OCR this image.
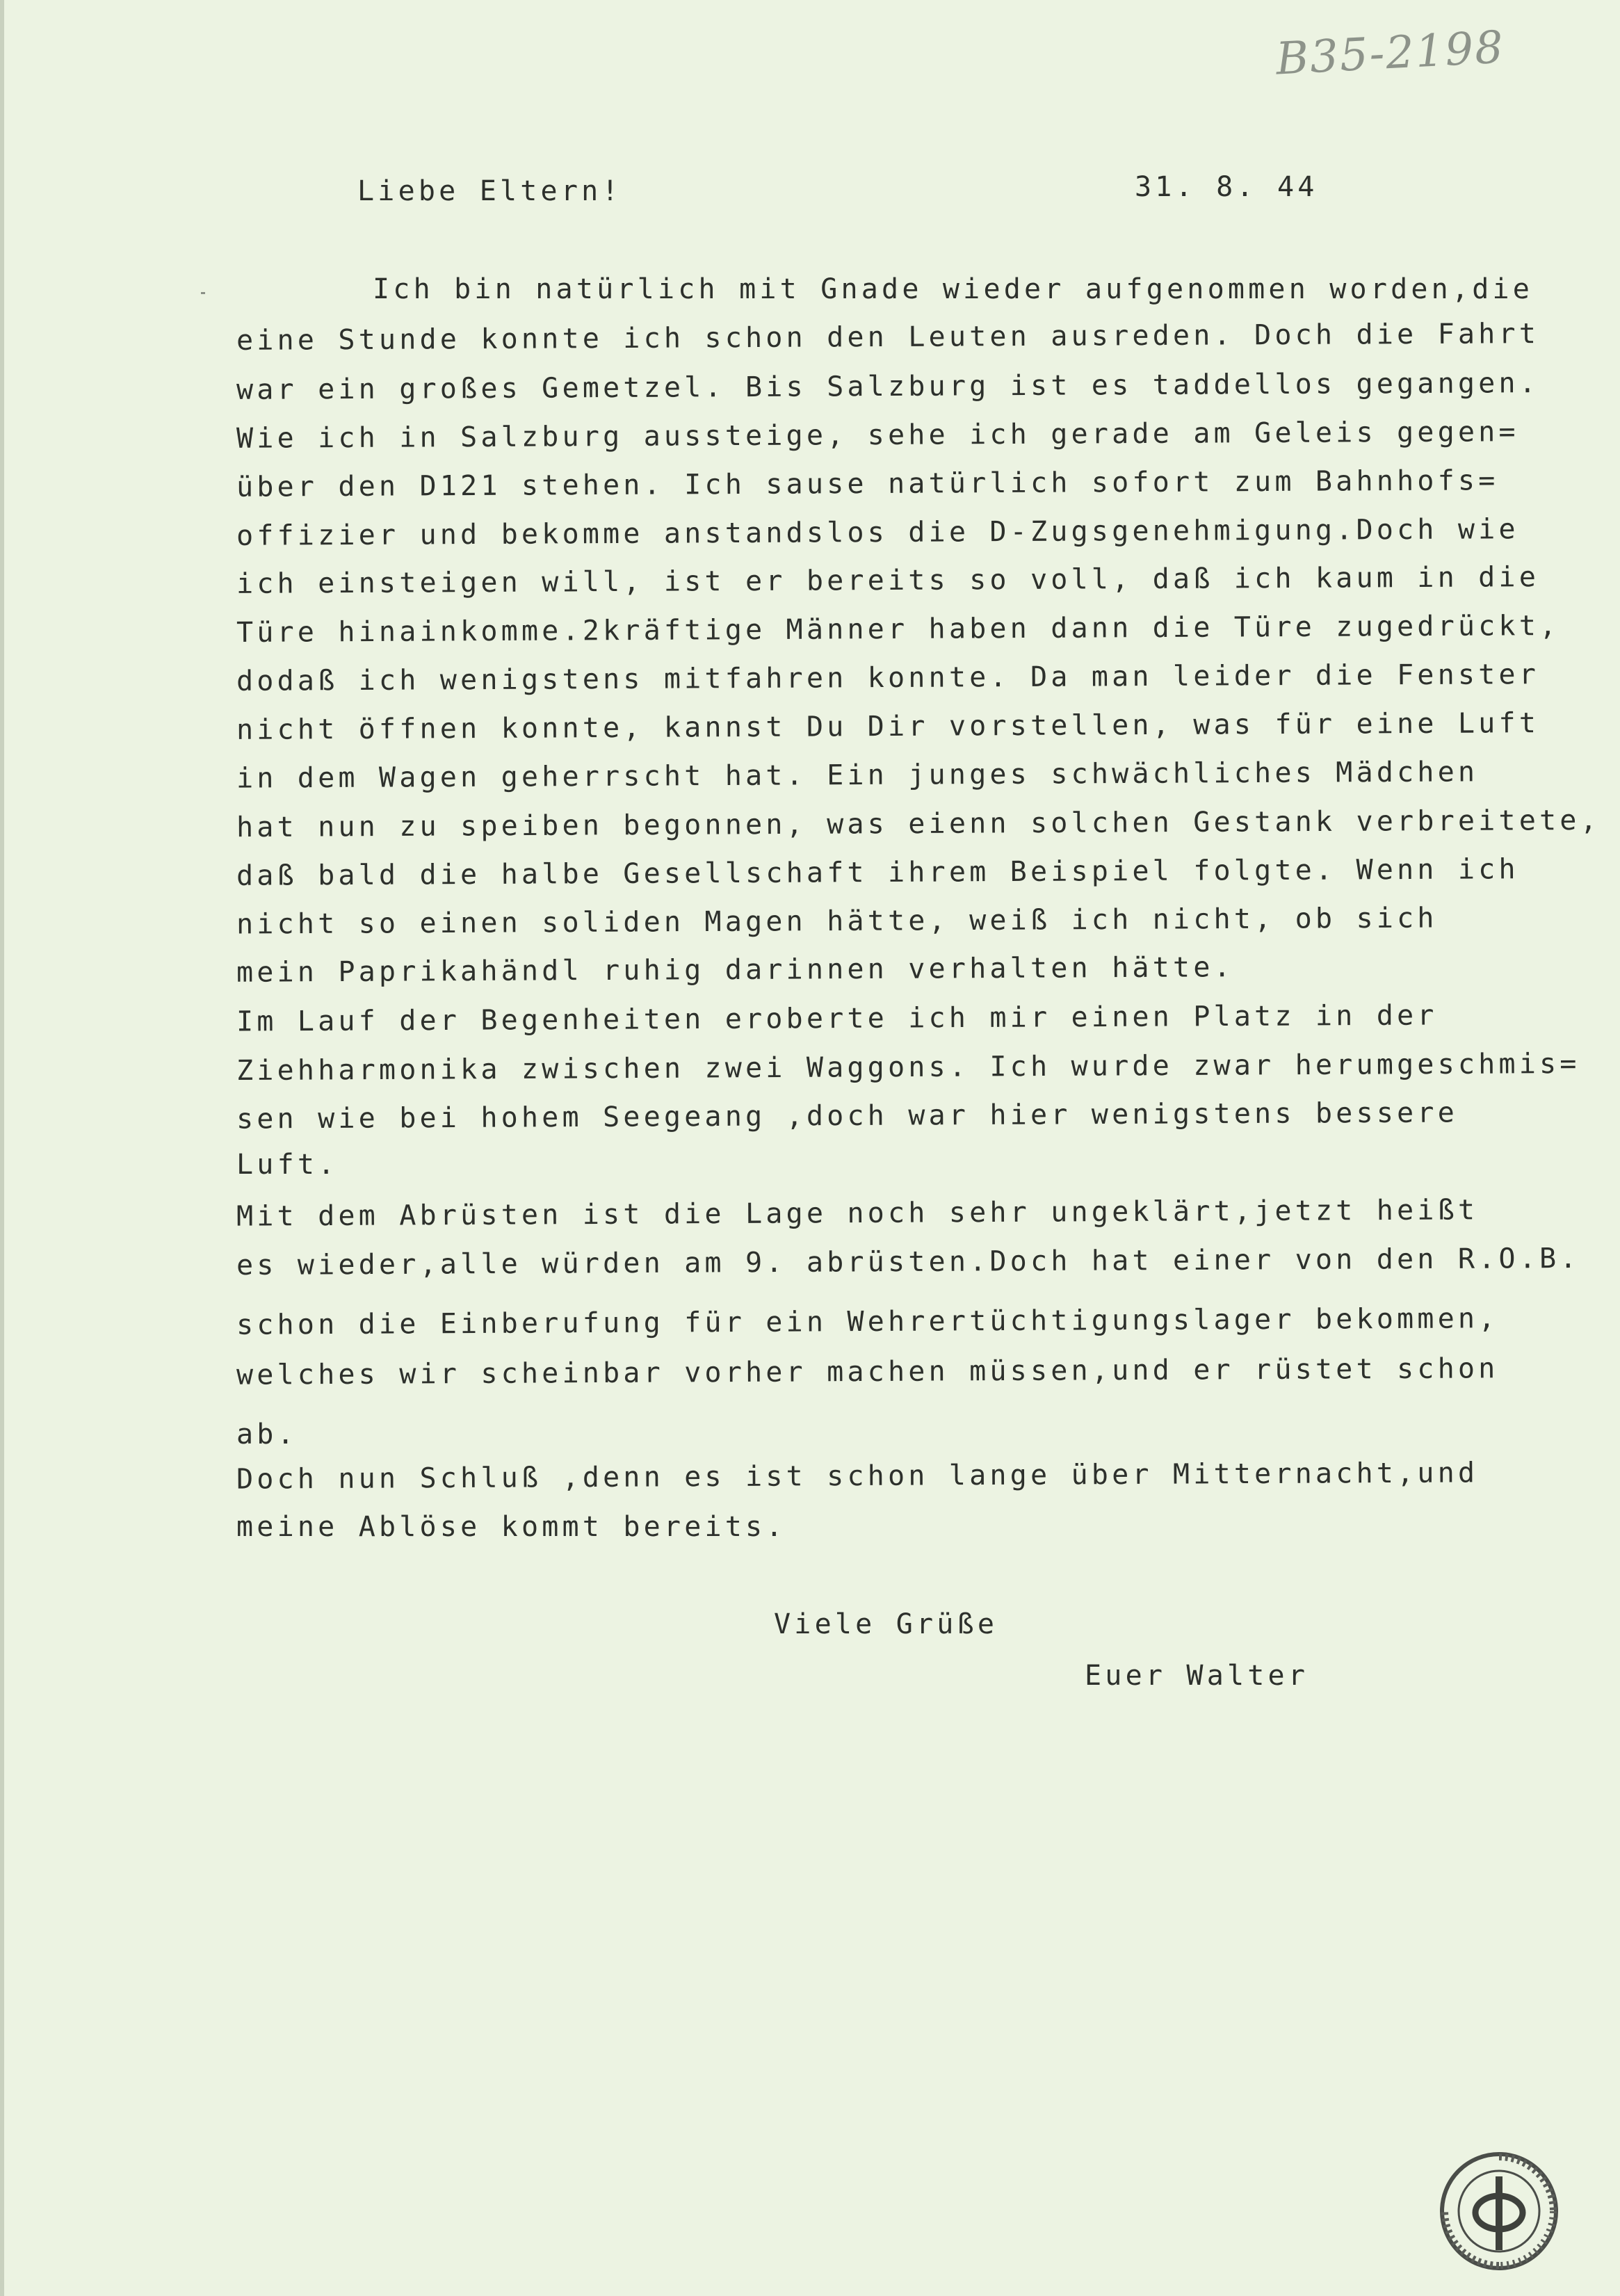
B35-2198
Liebe Eltern!	31. 8. 44
Ich bin natürlich mit Gnade wieder aufgenommen worden,die
eine Stunde konnte ich schon den Leuten ausreden. Doch die Fahrt
war ein großes Gemetzel. Bis Salzburg ist es taddellos gegangen.
Wie ich in Salzburg aussteige, sehe ich gerade am Geleis gegen=
über den D121 stehen. Ich sause natürlich sofort zum Bahnhofs=
offizier und bekomme anstandslos die D-Zugsgenehmigung.Doch wie
ich einsteigen will, ist er bereits so voll, daß ich kaum in die
Türe hinainkomme.2kräftige Männer haben dann die Türe zugedrückt,
dodaß ich wenigstens mitfahren konnte. Da man leider die Fenster
nicht öffnen konnte, kannst Du Dir vorstellen, was für eine Luft
in dem Wagen geherrscht hat. Ein junges schwächliches Mädchen
hat nun zu speiben begonnen, was eienn solchen Gestank verbreitete,
daß bald die halbe Gesellschaft ihrem Beispiel folgte. Wenn ich
nicht so einen soliden Magen hätte, weiß ich nicht, ob sich
mein Paprikahändl ruhig darinnen verhalten hätte.
Im Lauf der Begenheiten eroberte ich mir einen Platz in der
Ziehharmonika zwischen zwei Waggons. Ich wurde zwar herumgeschmis=
sen wie bei hohem Seegeang ,doch war hier wenigstens bessere
Luft.
Mit dem Abrüsten ist die Lage noch sehr ungeklärt,jetzt heißt
es wieder,alle würden am 9. abrüsten.Doch hat einer von den R.O.B.
schon die Einberufung für ein Wehrertüchtigungslager bekommen,
welches wir scheinbar vorher machen müssen,und er rüstet schon
ab.
Doch nun Schluß ,denn es ist schon lange über Mitternacht,und
meine Ablöse kommt bereits.
Viele Grüße
Euer Walter
